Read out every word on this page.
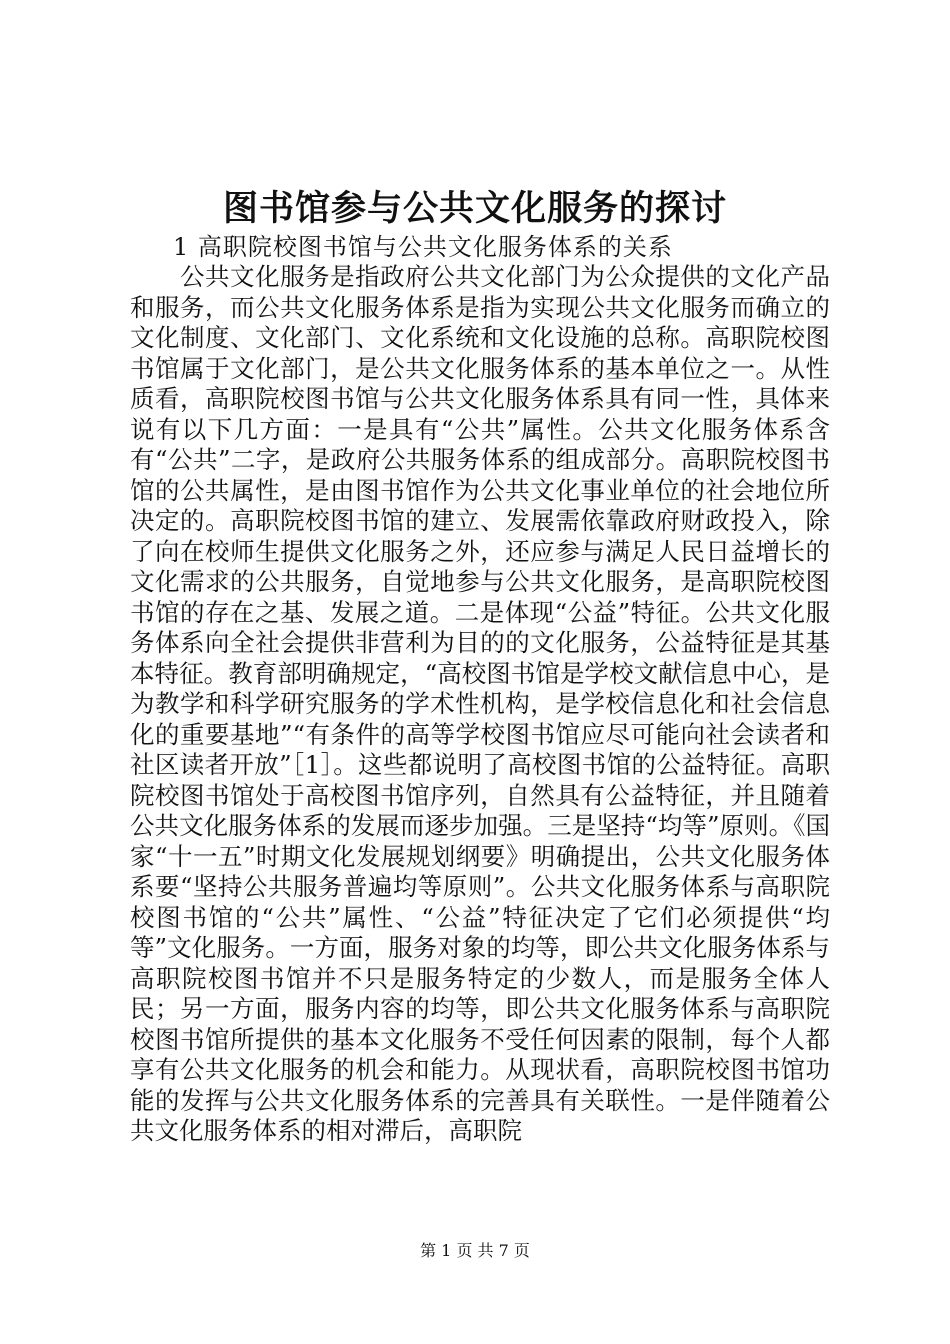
图书馆参与公共文化服务的探讨
1 高职院校图书馆与公共文化服务体系的关系
公共文化服务是指政府公共文化部门为公众提供的文化产品和服务，而公共文化服务体系是指为实现公共文化服务而确立的文化制度、文化部门、文化系统和文化设施的总称。高职院校图书馆属于文化部门，是公共文化服务体系的基本单位之一。从性质看，高职院校图书馆与公共文化服务体系具有同一性，具体来说有以下几方面：一是具有“公共”属性。公共文化服务体系含有“公共”二字，是政府公共服务体系的组成部分。高职院校图书馆的公共属性，是由图书馆作为公共文化事业单位的社会地位所决定的。高职院校图书馆的建立、发展需依靠政府财政投入，除了向在校师生提供文化服务之外，还应参与满足人民日益增长的文化需求的公共服务，自觉地参与公共文化服务，是高职院校图书馆的存在之基、发展之道。二是体现“公益”特征。公共文化服务体系向全社会提供非营利为目的的文化服务，公益特征是其基本特征。教育部明确规定，“高校图书馆是学校文献信息中心，是为教学和科学研究服务的学术性机构，是学校信息化和社会信息化的重要基地”“有条件的高等学校图书馆应尽可能向社会读者和社区读者开放”［1］。这些都说明了高校图书馆的公益特征。高职院校图书馆处于高校图书馆序列，自然具有公益特征，并且随着公共文化服务体系的发展而逐步加强。三是坚持“均等”原则。《国家“十一五”时期文化发展规划纲要》明确提出，公共文化服务体系要“坚持公共服务普遍均等原则”。公共文化服务体系与高职院校图书馆的“公共”属性、“公益”特征决定了它们必须提供“均等”文化服务。一方面，服务对象的均等，即公共文化服务体系与高职院校图书馆并不只是服务特定的少数人，而是服务全体人民；另一方面，服务内容的均等，即公共文化服务体系与高职院校图书馆所提供的基本文化服务不受任何因素的限制，每个人都享有公共文化服务的机会和能力。从现状看，高职院校图书馆功能的发挥与公共文化服务体系的完善具有关联性。一是伴随着公共文化服务体系的相对滞后，高职院
第 1 页 共 7 页
